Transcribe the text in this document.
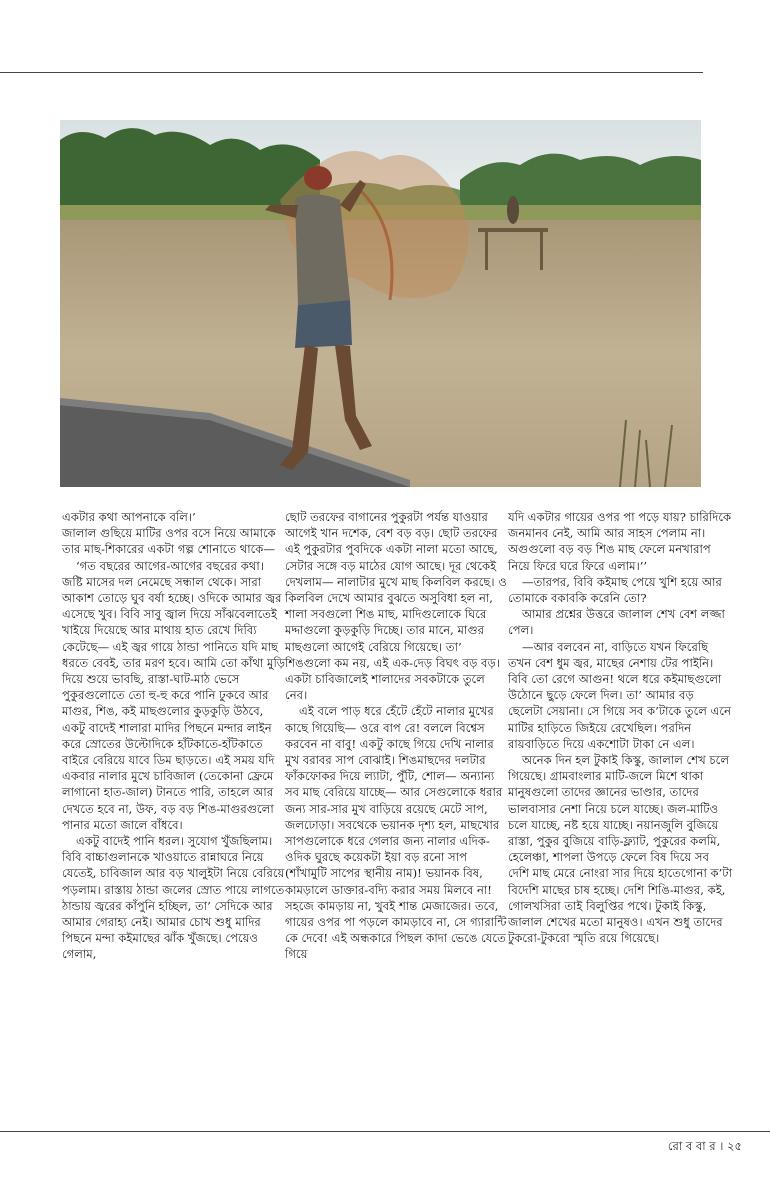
একটার কথা আপনাকে বলি।’

জালাল গুছিয়ে মাটির ওপর বসে নিয়ে আমাকে তার মাছ-শিকারের একটা গল্প শোনাতে থাকে—

‘গত বছরের আগের-আগের বছরের কথা। জষ্টি মাসের দল নেমেছে সন্ধাল থেকে। সারা আকাশ তোড়ে ঘুব বর্ষা হচ্ছে। ওদিকে আমার জ্বর এসেছে খুব। বিবি সাবু জ্বাল দিয়ে সাঁঝবেলাতেই খাইয়ে দিয়েছে আর মাথায় হাত রেখে দিব্যি কেটেছে— এই জ্বর গায়ে ঠান্ডা পানিতে যদি মাছ ধরতে বেবই, তার মরণ হবে। আমি তো কাঁথা মুড়ি দিয়ে শুয়ে ভাবছি, রাস্তা-ঘাট-মাঠ ভেসে পুকুরগুলোতে তো হু-হু করে পানি ঢুকবে আর মাগুর, শিঙ, কই মাছগুলোর কুড়কুড়ি উঠবে, একটু বাদেই শালারা মাদির পিছনে মন্দার লাইন করে স্রোতের উল্টোদিকে হাঁটকাতে-হাঁটকাতে বাইরে বেরিয়ে যাবে ডিম ছাড়তে। এই সময় যদি একবার নালার মুখে চাবিজাল (তেকোনা ফ্রেমে লাগানো হাত-জাল) টানতে পারি, তাহলে আর দেখতে হবে না, উফ, বড় বড় শিঙ-মাগুরগুলো পানার মতো জালে বাঁধবে।

একটু বাদেই পানি ধরল। সুযোগ খুঁজছিলাম। বিবি বাচ্চাগুলানকে খাওয়াতে রান্নাঘরে নিয়ে যেতেই, চাবিজাল আর বড় খালুইটা নিয়ে বেরিয়ে পড়লাম। রাস্তায় ঠান্ডা জলের স্রোত পায়ে লাগতে ঠান্ডায় জ্বরের কাঁপুনি হচ্ছিল, তা’ সেদিকে আর আমার গেরাহ্য নেই। আমার চোখ শুধু মাদির পিছনে মন্দা কইমাছের ঝাঁক খুঁজছে। পেয়েও গেলাম,

ছোট তরফের বাগানের পুকুরটা পর্যন্ত যাওয়ার আগেই খান দশেক, বেশ বড় বড়। ছোট তরফের এই পুকুরটার পুবদিকে একটা নালা মতো আছে, সেটার সঙ্গে বড় মাঠের যোগ আছে। দূর থেকেই দেখলাম— নালাটার মুখে মাছ কিলবিল করছে। ও কিলবিল দেখে আমার বুঝতে অসুবিধা হল না, শালা সবগুলো শিঙ মাছ, মাদিগুলোকে ঘিরে মদ্দাগুলো কুড়কুড়ি দিচ্ছে। তার মানে, মাগুর মাছগুলো আগেই বেরিয়ে গিয়েছে। তা’ শিঙগুলো কম নয়, এই এক-দেড় বিঘৎ বড় বড়। একটা চাবিজালেই শালাদের সবকটাকে তুলে নেব।

এই বলে পাড় ধরে হেঁটে হেঁটে নালার মুখের কাছে গিয়েছি— ওরে বাপ রে! বললে বিশ্বেস করবেন না বাবু! একটু কাছে গিয়ে দেখি নালার মুখ বরাবর সাপ বোঝাই। শিঙমাছদের দলটার ফাঁকফোকর দিয়ে ল্যাটা, পুঁটি, শোল— অন্যান্য সব মাছ বেরিয়ে যাচ্ছে— আর সেগুলোকে ধরার জন্য সার-সার মুখ বাড়িয়ে রয়েছে মেটে সাপ, জলঢোড়া। সবথেকে ভয়ানক দৃশ্য হল, মাছখোর সাপগুলোকে ধরে গেলার জন্য নালার এদিক-ওদিক ঘুরছে কয়েকটা ইয়া বড় রনো সাপ (শাঁখামুটি সাপের স্থানীয় নাম)! ভয়ানক বিষ, কামড়ালে ডাক্তার-বদ্যি করার সময় মিলবে না! সহজে কামড়ায় না, খুবই শান্ত মেজাজের। তবে, গায়ের ওপর পা পড়লে কামড়াবে না, সে গ্যারান্টি কে দেবে! এই অন্ধকারে পিছল কাদা ভেঙে যেতে গিয়ে

যদি একটার গায়ের ওপর পা পড়ে যায়? চারিদিকে জনমানব নেই, আমি আর সাহস পেলাম না। অগুগুলো বড় বড় শিঙ মাছ ফেলে মনখারাপ নিয়ে ফিরে ঘরে ফিরে এলাম।’’

—তারপর, বিবি কইমাছ পেয়ে খুশি হয়ে আর তোমাকে বকাবকি করেনি তো?

আমার প্রশ্নের উত্তরে জালাল শেখ বেশ লজ্জা পেল।

—আর বলবেন না, বাড়িতে যখন ফিরেছি তখন বেশ ধুম জ্বর, মাছের নেশায় টের পাইনি। বিবি তো রেগে আগুন! থলে ধরে কইমাছগুলো উঠোনে ছুড়ে ফেলে দিল। তা’ আমার বড় ছেলেটা সেয়ানা। সে গিয়ে সব ক’টাকে তুলে এনে মাটির হাড়িতে জিইয়ে রেখেছিল। পরদিন রায়বাড়িতে দিয়ে একশোটা টাকা নে এল।

অনেক দিন হল টুকাই কিস্কু, জালাল শেখ চলে গিয়েছে। গ্রামবাংলার মাটি-জলে মিশে থাকা মানুষগুলো তাদের জ্ঞানের ভাণ্ডার, তাদের ভালবাসার নেশা নিয়ে চলে যাচ্ছে। জল-মাটিও চলে যাচ্ছে, নষ্ট হয়ে যাচ্ছে। নয়ানজুলি বুজিয়ে রাস্তা, পুকুর বুজিয়ে বাড়ি-ফ্ল্যাট, পুকুরের কলমি, হেলেঞ্চা, শাপলা উপড়ে ফেলে বিষ দিয়ে সব দেশি মাছ মেরে নোংরা সার দিয়ে হাতেগোনা ক’টা বিদেশি মাছের চাষ হচ্ছে। দেশি শিঙি-মাগুর, কই, গোলখসিরা তাই বিলুপ্তির পথে। টুকাই কিস্কু, জালাল শেখের মতো মানুষও। এখন শুধু তাদের টুকরো-টুকরো স্মৃতি রয়ে গিয়েছে।

রো ব বা র । ২৫
